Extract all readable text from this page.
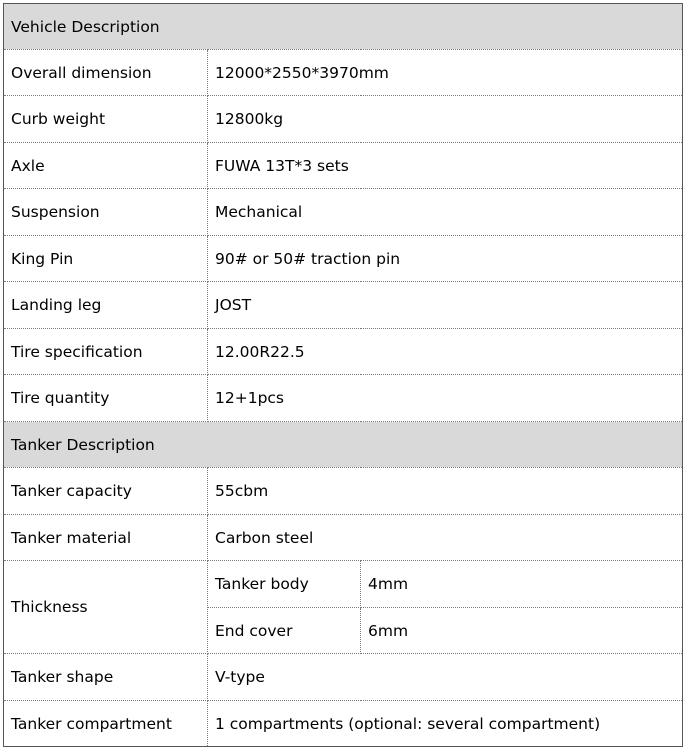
Vehicle Description		
Overall dimension	12000*2550*3970mm	
Curb weight	12800kg	
Axle	FUWA 13T*3 sets	
Suspension	Mechanical	
King Pin	90# or 50# traction pin	
Landing leg	JOST	
Tire specification	12.00R22.5	
Tire quantity	12+1pcs	
Tanker Description		
Tanker capacity	55cbm	
Tanker material	Carbon steel	
Thickness	Tanker body	4mm
	End cover	6mm
Tanker shape	V-type	
Tanker compartment	1 compartments (optional: several compartment)	
